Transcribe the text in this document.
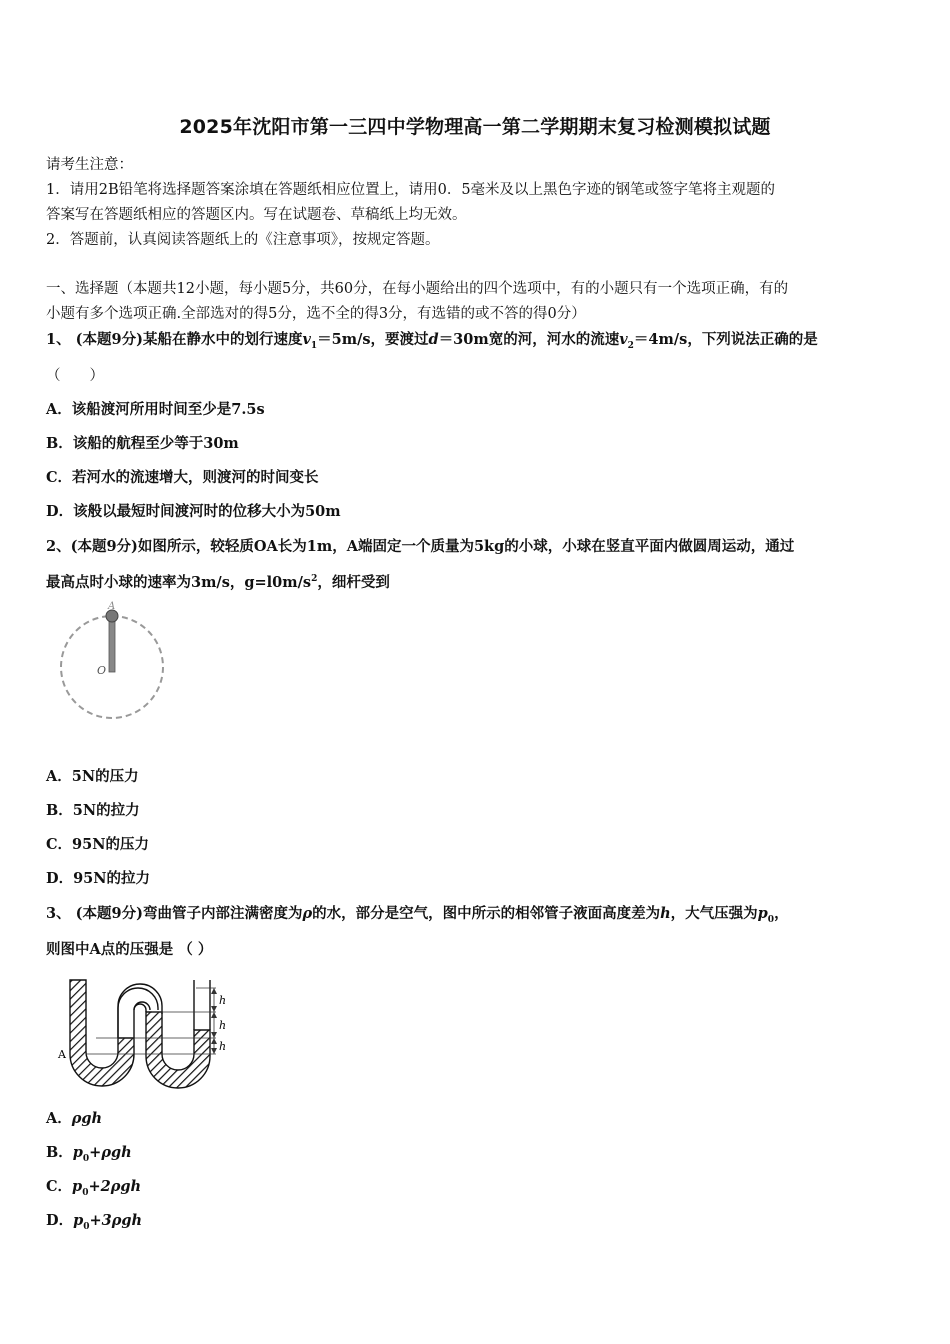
2025年沈阳市第一三四中学物理高一第二学期期末复习检测模拟试题
请考生注意：
1．请用2B铅笔将选择题答案涂填在答题纸相应位置上，请用0．5毫米及以上黑色字迹的钢笔或签字笔将主观题的
答案写在答题纸相应的答题区内。写在试题卷、草稿纸上均无效。
2．答题前，认真阅读答题纸上的《注意事项》，按规定答题。
一、选择题（本题共12小题，每小题5分，共60分，在每小题给出的四个选项中，有的小题只有一个选项正确，有的
小题有多个选项正确.全部选对的得5分，选不全的得3分，有选错的或不答的得0分）
1、 (本题9分)某船在静水中的划行速度$v_1=5m/s$，要渡过d＝30m宽的河，河水的流速$v_2=4m/s$，下列说法正确的是
（　　）
A．该船渡河所用时间至少是7.5s
B．该船的航程至少等于30m
C．若河水的流速增大，则渡河的时间变长
D．该般以最短时间渡河时的位移大小为50m
2、(本题9分)如图所示，较轻质OA长为1m，A端固定一个质量为5kg的小球，小球在竖直平面内做圆周运动，通过
最高点时小球的速率为3m/s，$g=l0m/s^2$，细杆受到
A
O
A．5N的压力
B．5N的拉力
C．95N的压力
D．95N的拉力
3、 (本题9分)弯曲管子内部注满密度为ρ的水，部分是空气，图中所示的相邻管子液面高度差为h，大气压强为$p_0$，
则图中A点的压强是 （ ）
h
h
h
A
A．ρgh
B．$p_0+\rho gh$
C．$p_0+2\rho gh$
D．$p_0+3\rho gh$
